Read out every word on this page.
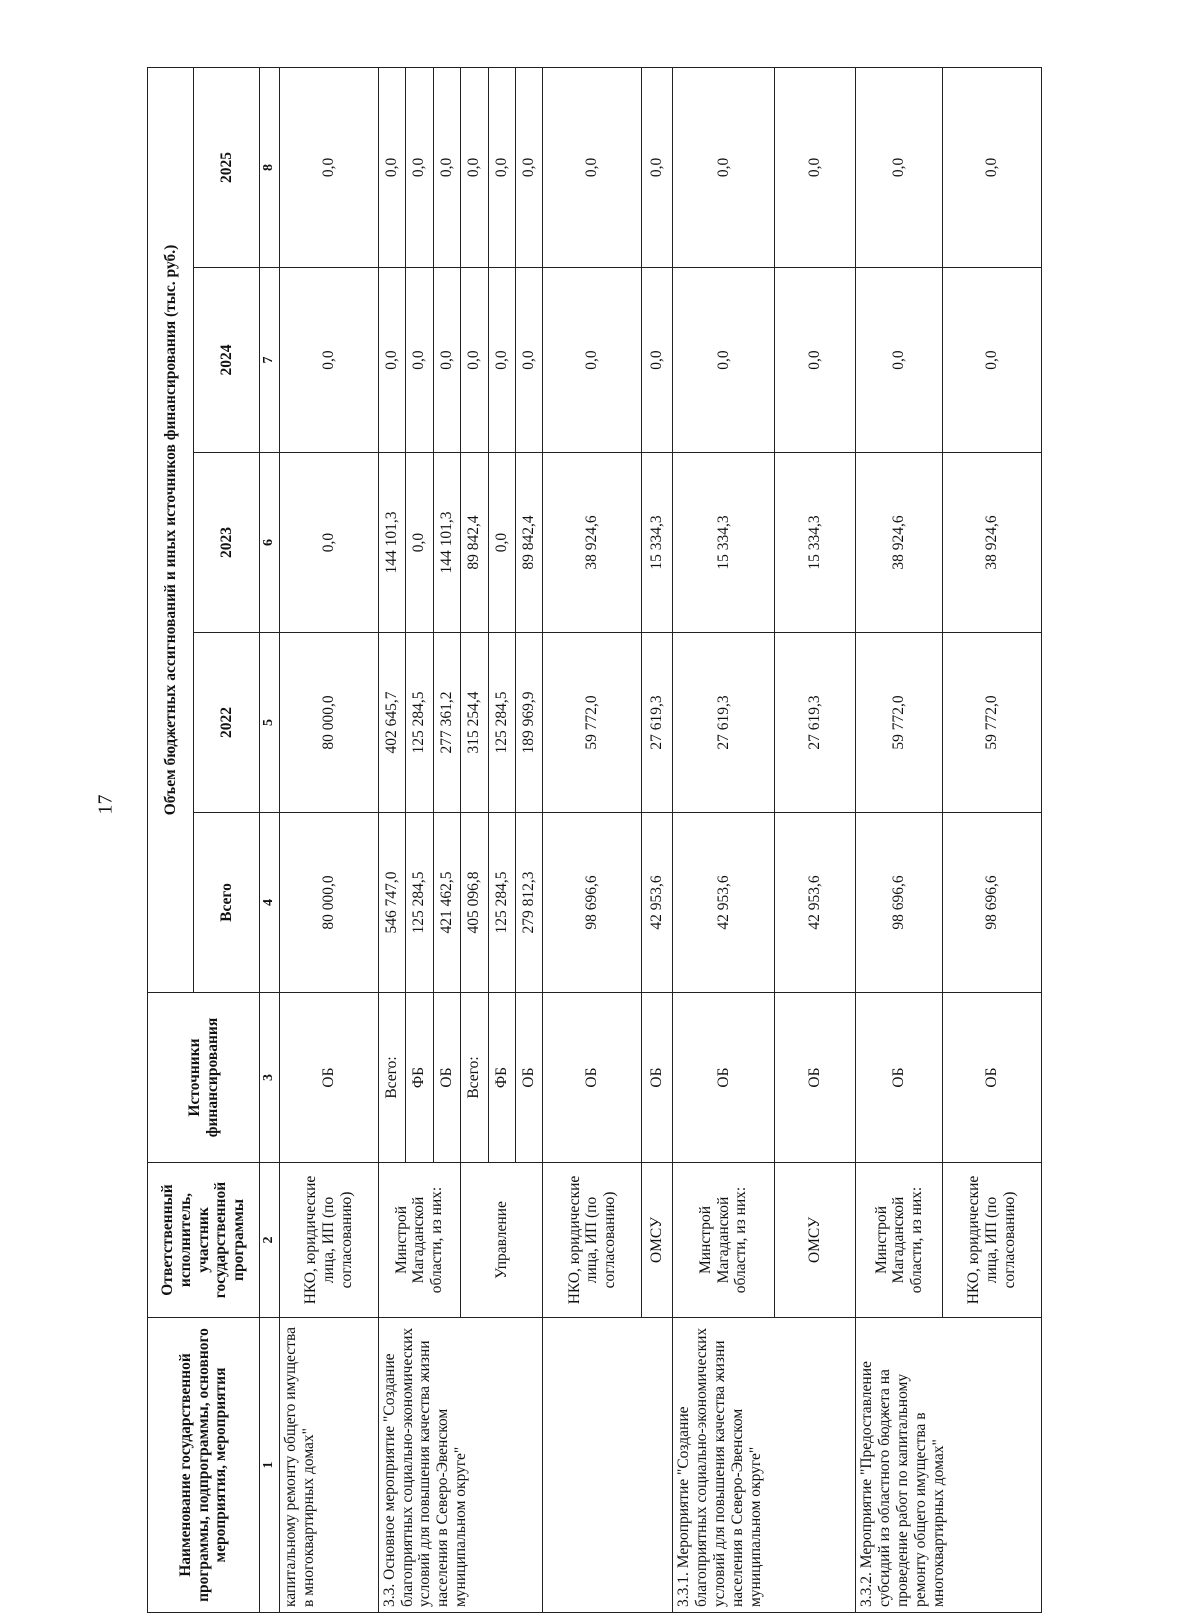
17
Наименование государственной программы, подпрограммы, основного мероприятия, мероприятия	Ответственный исполнитель, участник государственной программы	Источники финансирования	Объем бюджетных ассигнований и иных источников финансирования (тыс. руб.)				
			Всего	2022	2023	2024	2025
1	2	3	4	5	6	7	8
капитальному ремонту общего имущества в многоквартирных домах"	НКО, юридические лица, ИП (по согласованию)	ОБ	80 000,0	80 000,0	0,0	0,0	0,0
3.3. Основное мероприятие "Создание благоприятных социально-экономических условий для повышения качества жизни населения в Северо-Эвенском муниципальном округе"	Минстрой Магаданской области, из них:	Всего:	546 747,0	402 645,7	144 101,3	0,0	0,0
		ФБ	125 284,5	125 284,5	0,0	0,0	0,0
		ОБ	421 462,5	277 361,2	144 101,3	0,0	0,0
	Управление	Всего:	405 096,8	315 254,4	89 842,4	0,0	0,0
		ФБ	125 284,5	125 284,5	0,0	0,0	0,0
		ОБ	279 812,3	189 969,9	89 842,4	0,0	0,0
	НКО, юридические лица, ИП (по согласованию)	ОБ	98 696,6	59 772,0	38 924,6	0,0	0,0
	ОМСУ	ОБ	42 953,6	27 619,3	15 334,3	0,0	0,0
3.3.1. Мероприятие "Создание благоприятных социально-экономических условий для повышения качества жизни населения в Северо-Эвенском муниципальном округе"	Минстрой Магаданской области, из них:	ОБ	42 953,6	27 619,3	15 334,3	0,0	0,0
	ОМСУ	ОБ	42 953,6	27 619,3	15 334,3	0,0	0,0
3.3.2. Мероприятие "Предоставление субсидий из областного бюджета на проведение работ по капитальному ремонту общего имущества в многоквартирных домах"	Минстрой Магаданской области, из них:	ОБ	98 696,6	59 772,0	38 924,6	0,0	0,0
	НКО, юридические лица, ИП (по согласованию)	ОБ	98 696,6	59 772,0	38 924,6	0,0	0,0
